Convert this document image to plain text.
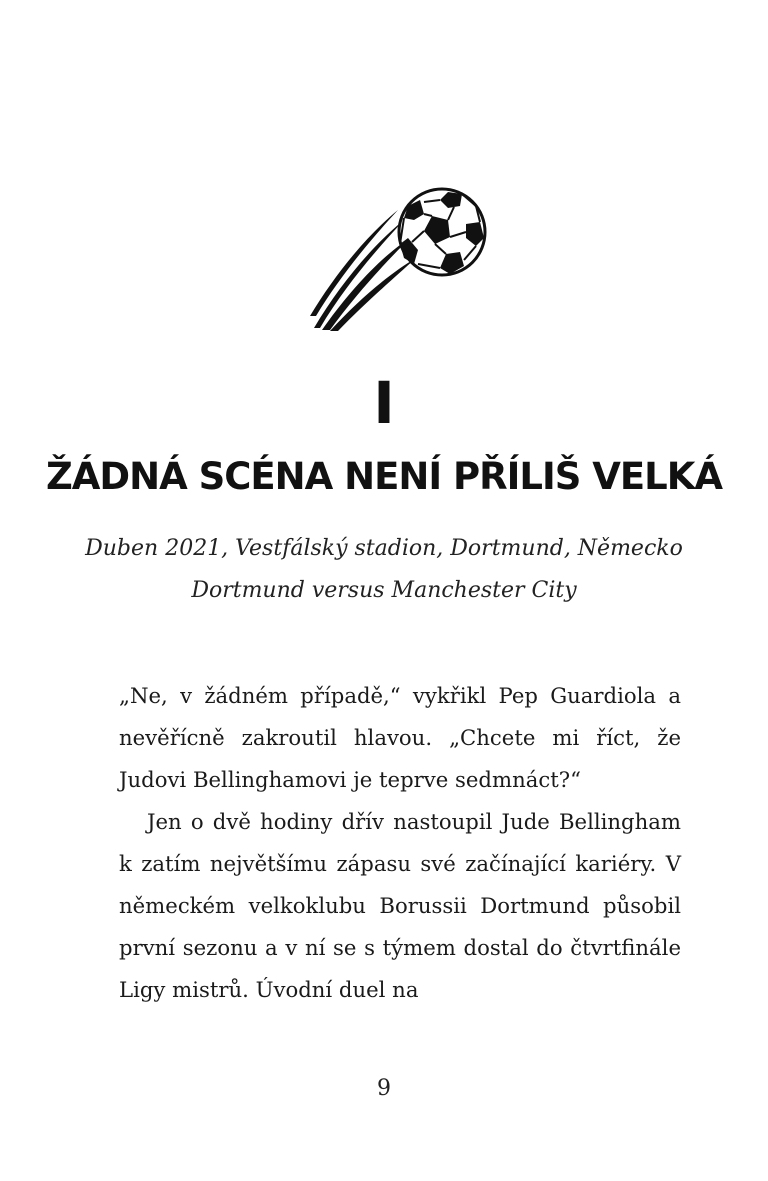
I
ŽÁDNÁ SCÉNA NENÍ PŘÍLIŠ VELKÁ
Duben 2021, Vestfálský stadion, Dortmund, Německo
Dortmund versus Manchester City

„Ne, v žádném případě,“ vykřikl Pep Guardiola a nevěřícně zakroutil hlavou. „Chcete mi říct, že Judovi Bellinghamovi je teprve sedmnáct?“

Jen o dvě hodiny dřív nastoupil Jude Bellingham k zatím největšímu zápasu své začínající kariéry. V německém velkoklubu Borussii Dortmund působil první sezonu a v ní se s týmem dostal do čtvrtfinále Ligy mistrů. Úvodní duel na

9
